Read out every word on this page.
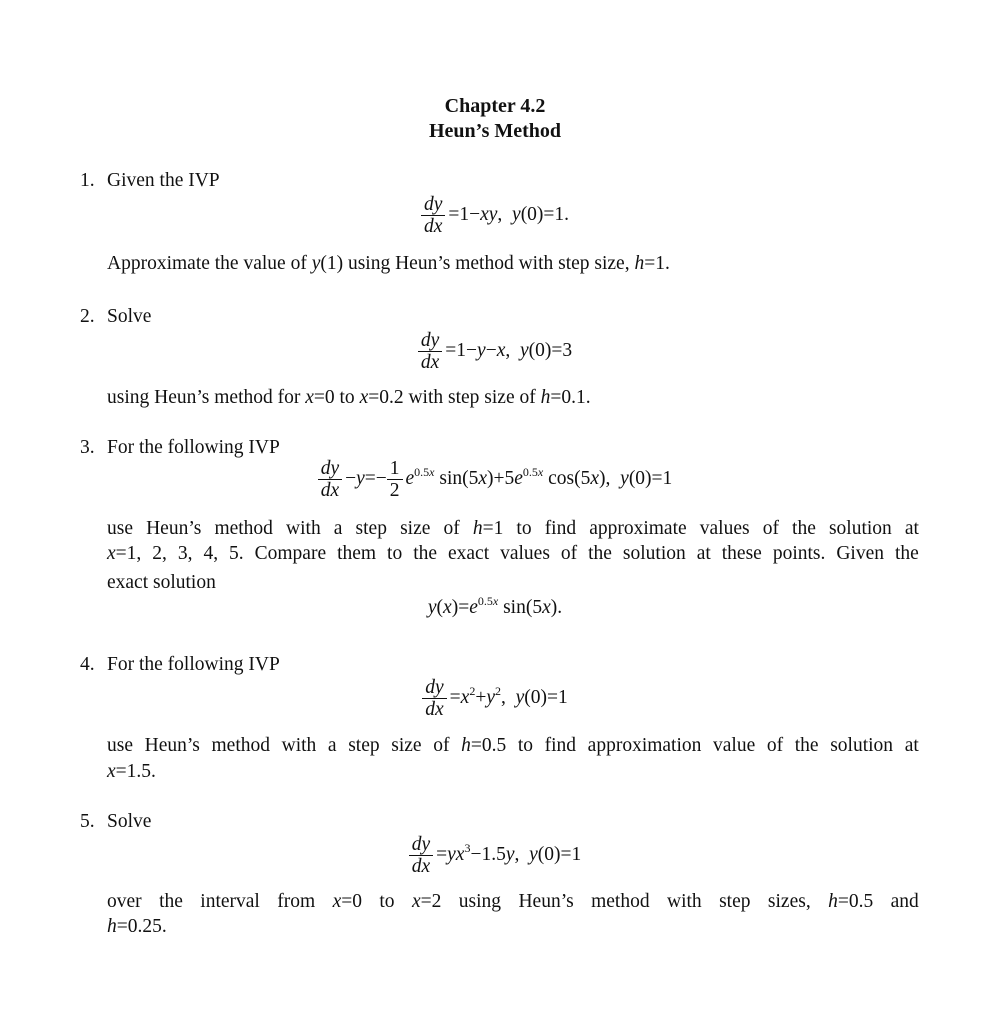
Chapter 4.2
Heun’s Method
1. Given the IVP
$\frac{dy}{dx} =1-xy$,  y(0)=1.
Approximate the value of y(1) using Heun’s method with step size, h=1.
2. Solve
$\frac{dy}{dx} =1-y-x$,  y(0)=3
using Heun’s method for x=0 to x=0.2 with step size of h=0.1.
3. For the following IVP
$\frac{dy}{dx} -y=- \frac{1}{2} e^{0.5x}$ $\sin(5x)+5e^{0.5x}$ cos(5x),  y(0)=1
use Heun’s method with a step size of h=1 to find approximate values of the solution at
x=1, 2, 3, 4, 5. Compare them to the exact values of the solution at these points. Given the
exact solution
$y(x)=e^{0.5x}$ sin(5x).
4. For the following IVP
$\frac{dy}{dx} =x^2+y^2$,  y(0)=1
use Heun’s method with a step size of h=0.5 to find approximation value of the solution at
x=1.5.
5. Solve
$\frac{dy}{dx} =yx^3-1.5y$,  y(0)=1
over the interval from x=0 to x=2 using Heun’s method with step sizes, h=0.5 and
h=0.25.
